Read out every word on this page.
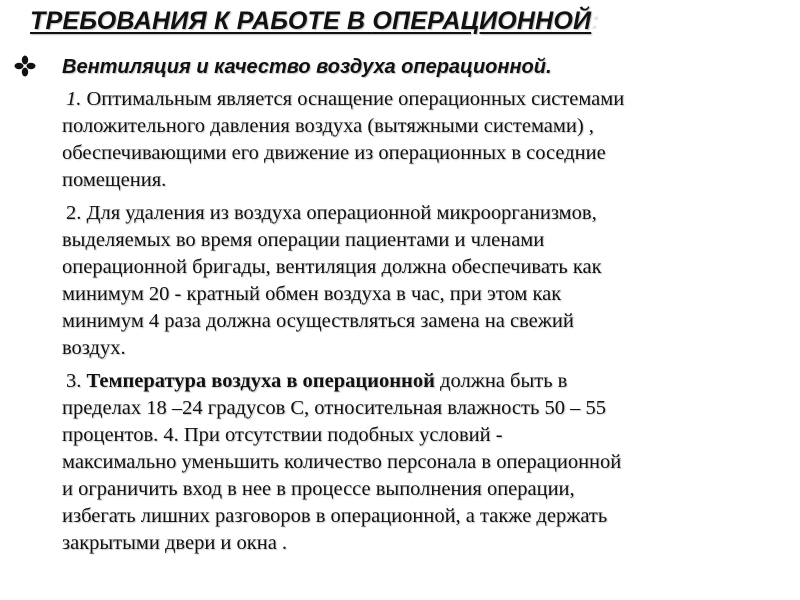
ТРЕБОВАНИЯ К РАБОТЕ В ОПЕРАЦИОННОЙ:
Вентиляция и качество воздуха операционной.

1. Оптимальным является оснащение операционных системами
положительного давления воздуха (вытяжными системами) ,
обеспечивающими его движение из операционных в соседние
помещения.

2. Для удаления из воздуха операционной микроорганизмов,
выделяемых во время операции пациентами и членами
операционной бригады, вентиляция должна обеспечивать как
минимум 20 - кратный обмен воздуха в час, при этом как
минимум 4 раза должна осуществляться замена на свежий
воздух.

3. Температура воздуха в операционной должна быть в
пределах 18 –24 градусов С, относительная влажность 50 – 55
процентов. 4. При отсутствии подобных условий -
максимально уменьшить количество персонала в операционной
и ограничить вход в нее в процессе выполнения операции,
избегать лишних разговоров в операционной, а также держать
закрытыми двери и окна .
